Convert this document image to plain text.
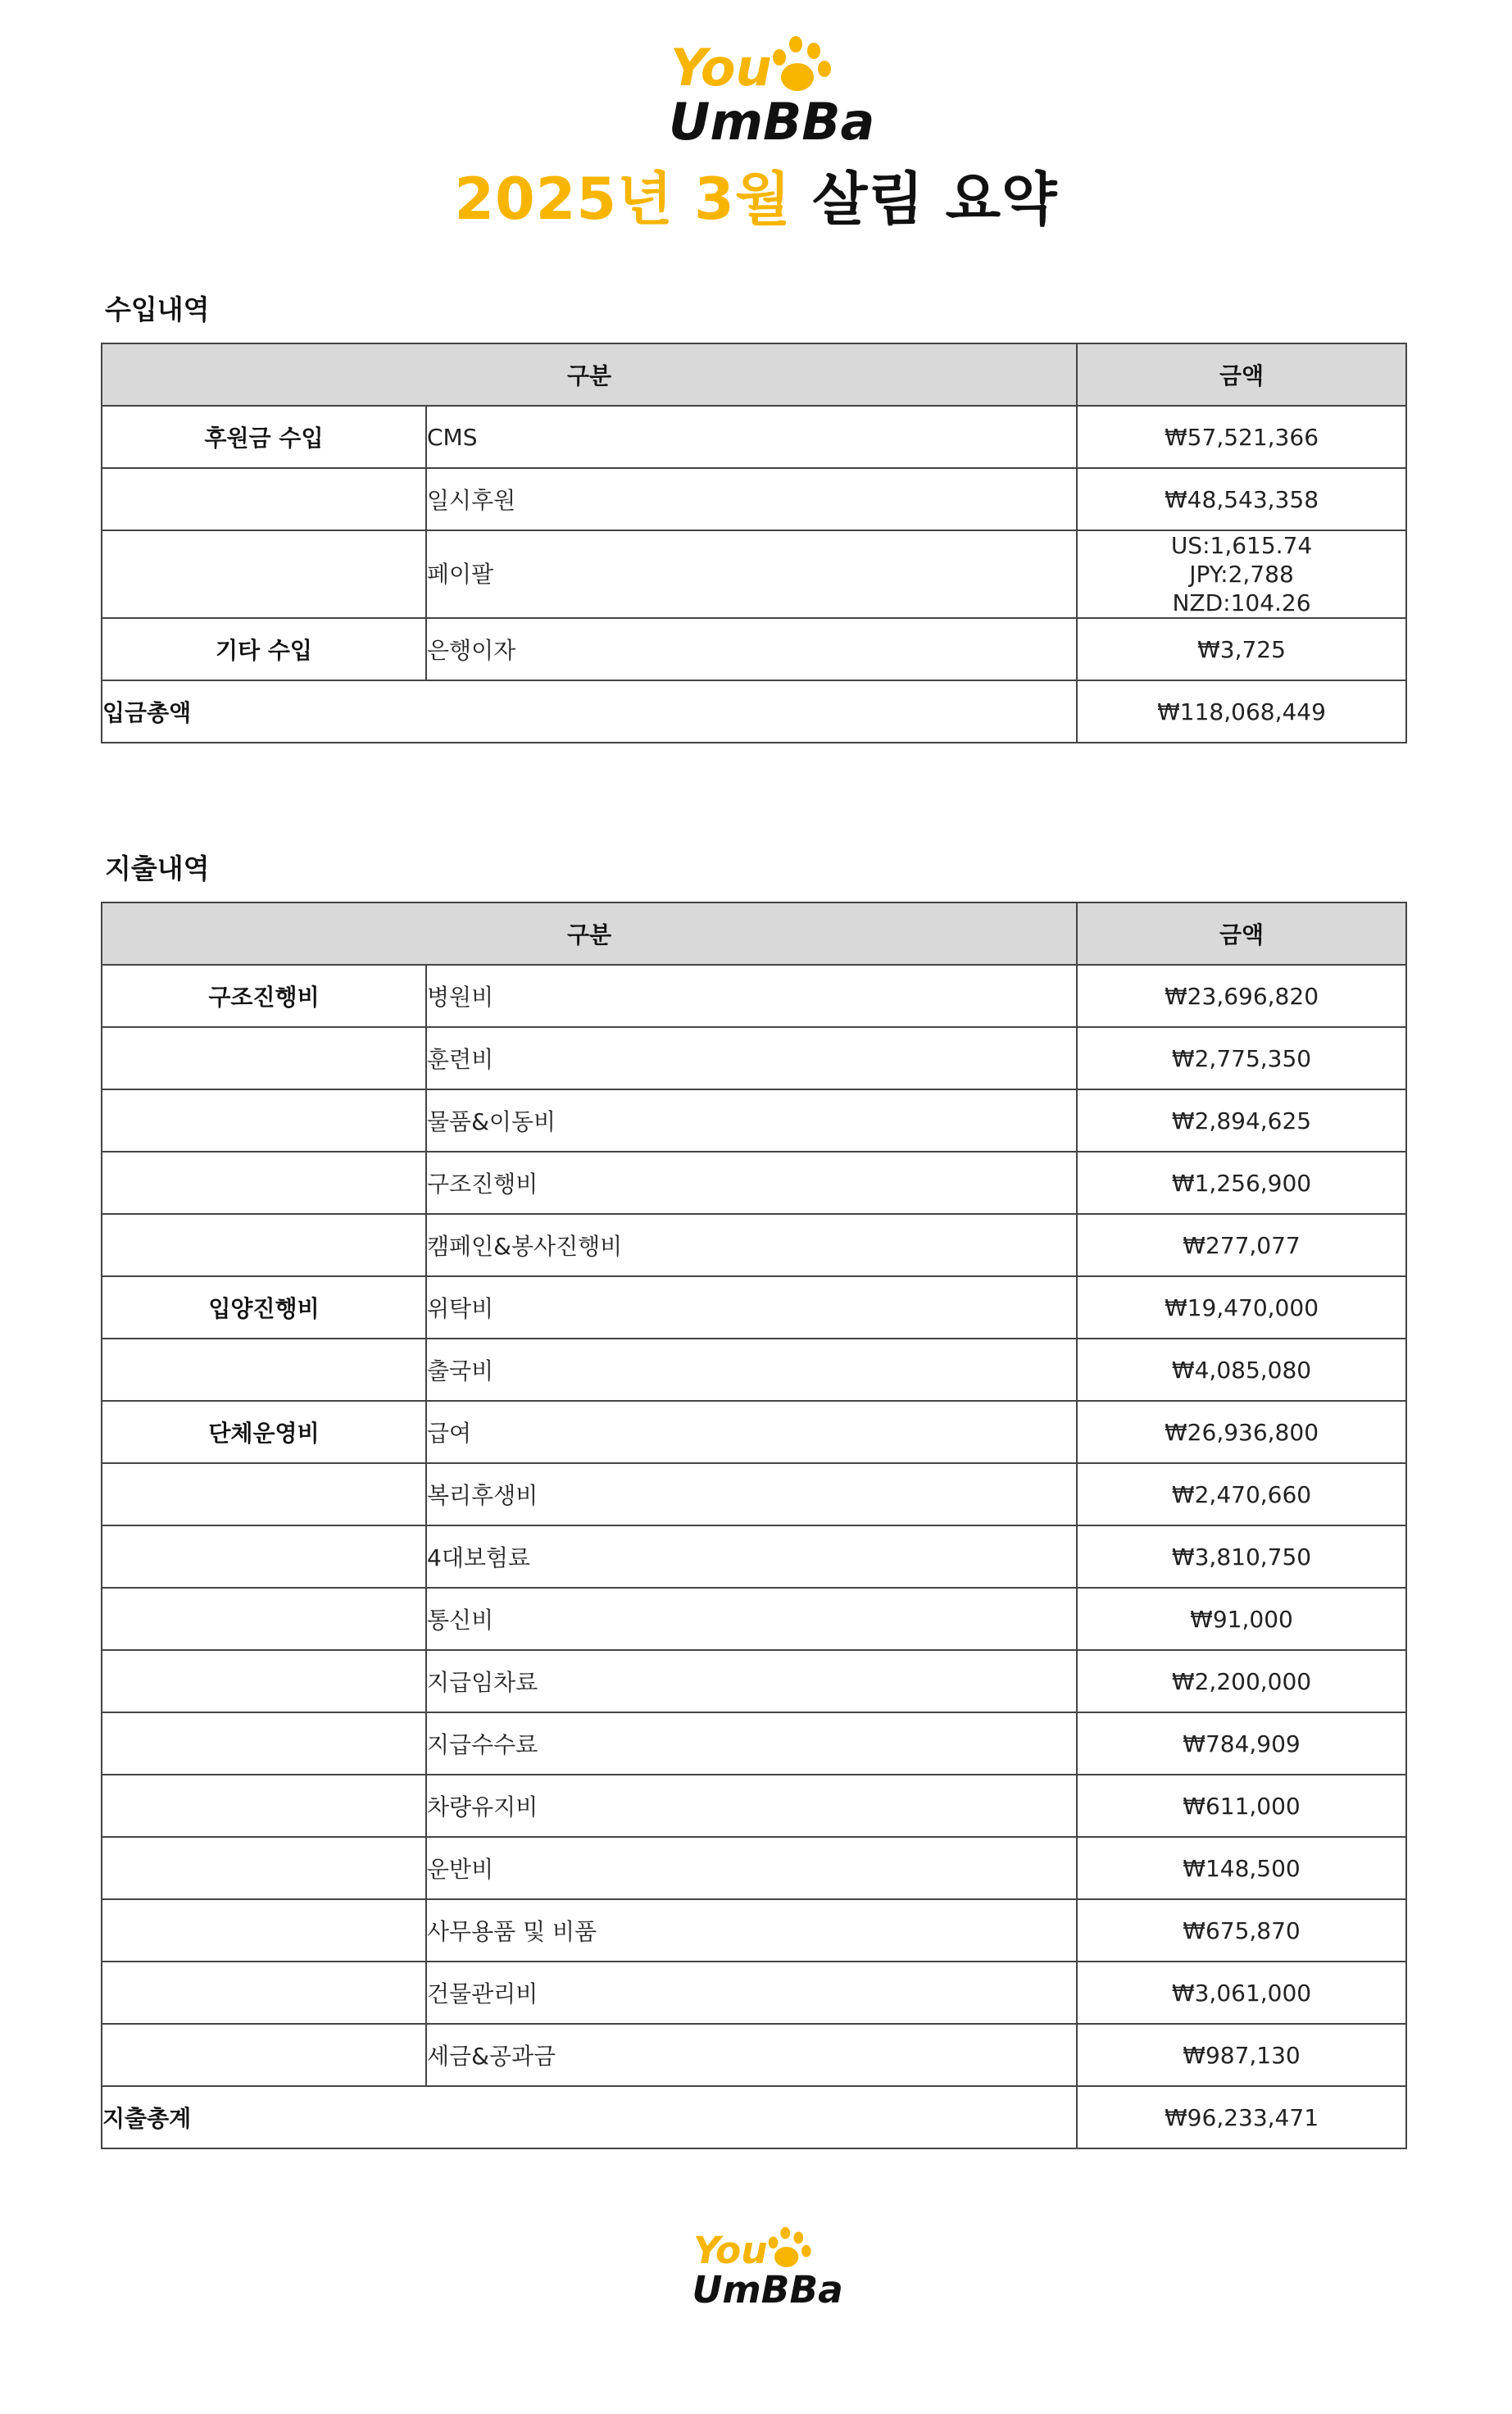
You
UmBBa
2025년 3월 살림 요약
수입내역
구분		금액
후원금 수입	CMS	₩57,521,366
	일시후원	₩48,543,358
	페이팔	US:1,615.74
JPY:2,788
NZD:104.26

기타 수입	은행이자	₩3,725
입금총액		₩118,068,449
지출내역
구분		금액
구조진행비	병원비	₩23,696,820
	훈련비	₩2,775,350
	물품&이동비	₩2,894,625
	구조진행비	₩1,256,900
	캠페인&봉사진행비	₩277,077
입양진행비	위탁비	₩19,470,000
	출국비	₩4,085,080
단체운영비	급여	₩26,936,800
	복리후생비	₩2,470,660
	4대보험료	₩3,810,750
	통신비	₩91,000
	지급임차료	₩2,200,000
	지급수수료	₩784,909
	차량유지비	₩611,000
	운반비	₩148,500
	사무용품 및 비품	₩675,870
	건물관리비	₩3,061,000
	세금&공과금	₩987,130
지출총계		₩96,233,471
You
UmBBa
